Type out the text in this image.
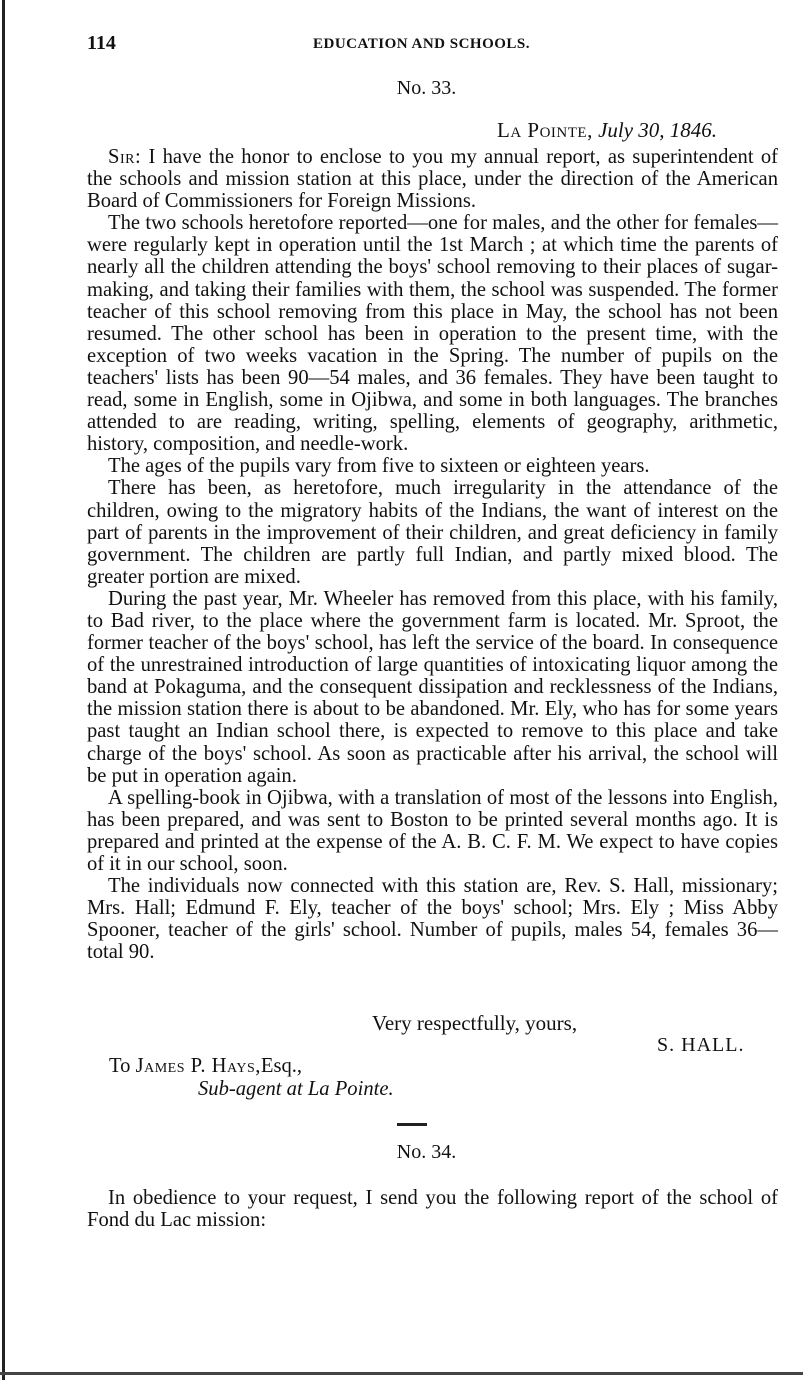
114	EDUCATION AND SCHOOLS.
No. 33.
La Pointe, July 30, 1846.

Sir: I have the honor to enclose to you my annual report, as superintendent of the schools and mission station at this place, under the direction of the American Board of Commissioners for Foreign Missions.

The two schools heretofore reported—one for males, and the other for females—were regularly kept in operation until the 1st March ; at which time the parents of nearly all the children attending the boys' school removing to their places of sugar-making, and taking their families with them, the school was suspended. The former teacher of this school removing from this place in May, the school has not been resumed. The other school has been in operation to the present time, with the exception of two weeks vacation in the Spring. The number of pupils on the teachers' lists has been 90—54 males, and 36 females. They have been taught to read, some in English, some in Ojibwa, and some in both languages. The branches attended to are reading, writing, spelling, elements of geography, arithmetic, history, composition, and needle-work.

The ages of the pupils vary from five to sixteen or eighteen years.

There has been, as heretofore, much irregularity in the attendance of the children, owing to the migratory habits of the Indians, the want of interest on the part of parents in the improvement of their children, and great deficiency in family government. The children are partly full Indian, and partly mixed blood. The greater portion are mixed.

During the past year, Mr. Wheeler has removed from this place, with his family, to Bad river, to the place where the government farm is located. Mr. Sproot, the former teacher of the boys' school, has left the service of the board. In consequence of the unrestrained introduction of large quantities of intoxicating liquor among the band at Pokaguma, and the consequent dissipation and recklessness of the Indians, the mission station there is about to be abandoned. Mr. Ely, who has for some years past taught an Indian school there, is expected to remove to this place and take charge of the boys' school. As soon as practicable after his arrival, the school will be put in operation again.

A spelling-book in Ojibwa, with a translation of most of the lessons into English, has been prepared, and was sent to Boston to be printed several months ago. It is prepared and printed at the expense of the A. B. C. F. M. We expect to have copies of it in our school, soon.

The individuals now connected with this station are, Rev. S. Hall, missionary; Mrs. Hall; Edmund F. Ely, teacher of the boys' school; Mrs. Ely ; Miss Abby Spooner, teacher of the girls' school. Number of pupils, males 54, females 36—total 90.

Very respectfully, yours,
S. HALL.
To James P. Hays,Esq.,
Sub-agent at La Pointe.
No. 34.

In obedience to your request, I send you the following report of the school of Fond du Lac mission:
